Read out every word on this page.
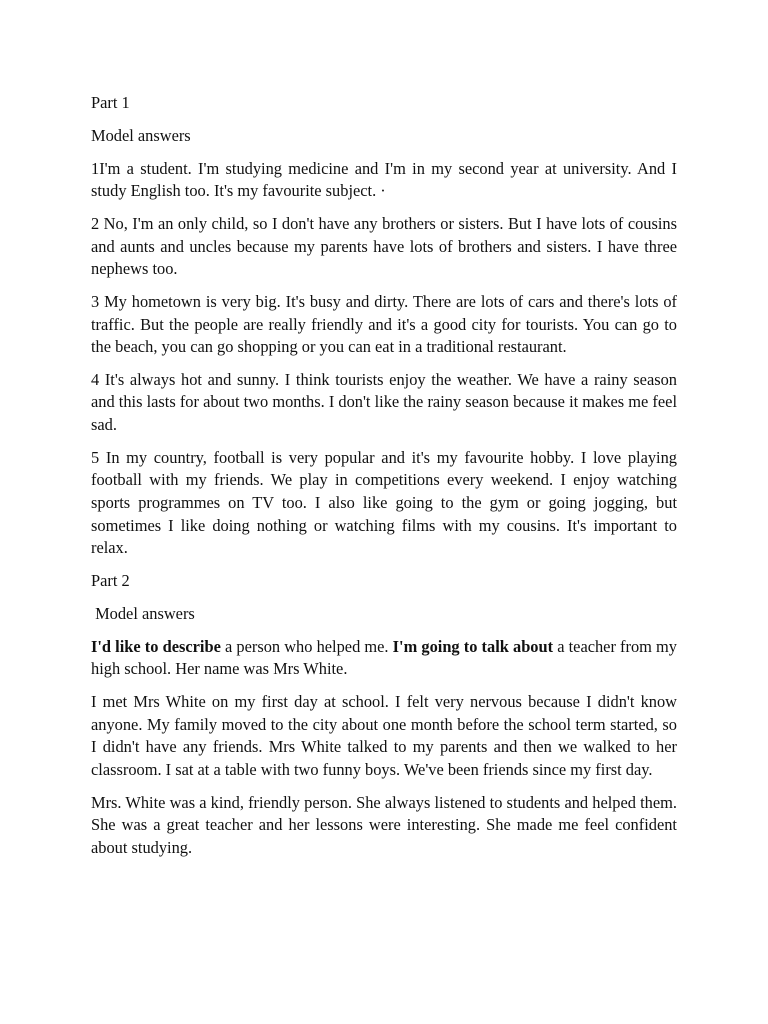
Part 1

Model answers

1I'm a student. I'm studying medicine and I'm in my second year at university. And I study English too. It's my favourite subject. ·

2 No, I'm an only child, so I don't have any brothers or sisters. But I have lots of cousins and aunts and uncles because my parents have lots of brothers and sisters. I have three nephews too.

3 My hometown is very big. It's busy and dirty. There are lots of cars and there's lots of traffic. But the people are really friendly and it's a good city for tourists. You can go to the beach, you can go shopping or you can eat in a traditional restaurant.

4 It's always hot and sunny. I think tourists enjoy the weather. We have a rainy season and this lasts for about two months. I don't like the rainy season because it makes me feel sad.

5 In my country, football is very popular and it's my favourite hobby. I love playing football with my friends. We play in competitions every weekend. I enjoy watching sports programmes on TV too. I also like going to the gym or going jogging, but sometimes I like doing nothing or watching films with my cousins. It's important to relax.

Part 2

Model answers

I'd like to describe a person who helped me. I'm going to talk about a teacher from my high school. Her name was Mrs White.

I met Mrs White on my first day at school. I felt very nervous because I didn't know anyone. My family moved to the city about one month before the school term started, so I didn't have any friends. Mrs White talked to my parents and then we walked to her classroom. I sat at a table with two funny boys. We've been friends since my first day.

Mrs. White was a kind, friendly person. She always listened to students and helped them. She was a great teacher and her lessons were interesting. She made me feel confident about studying.
